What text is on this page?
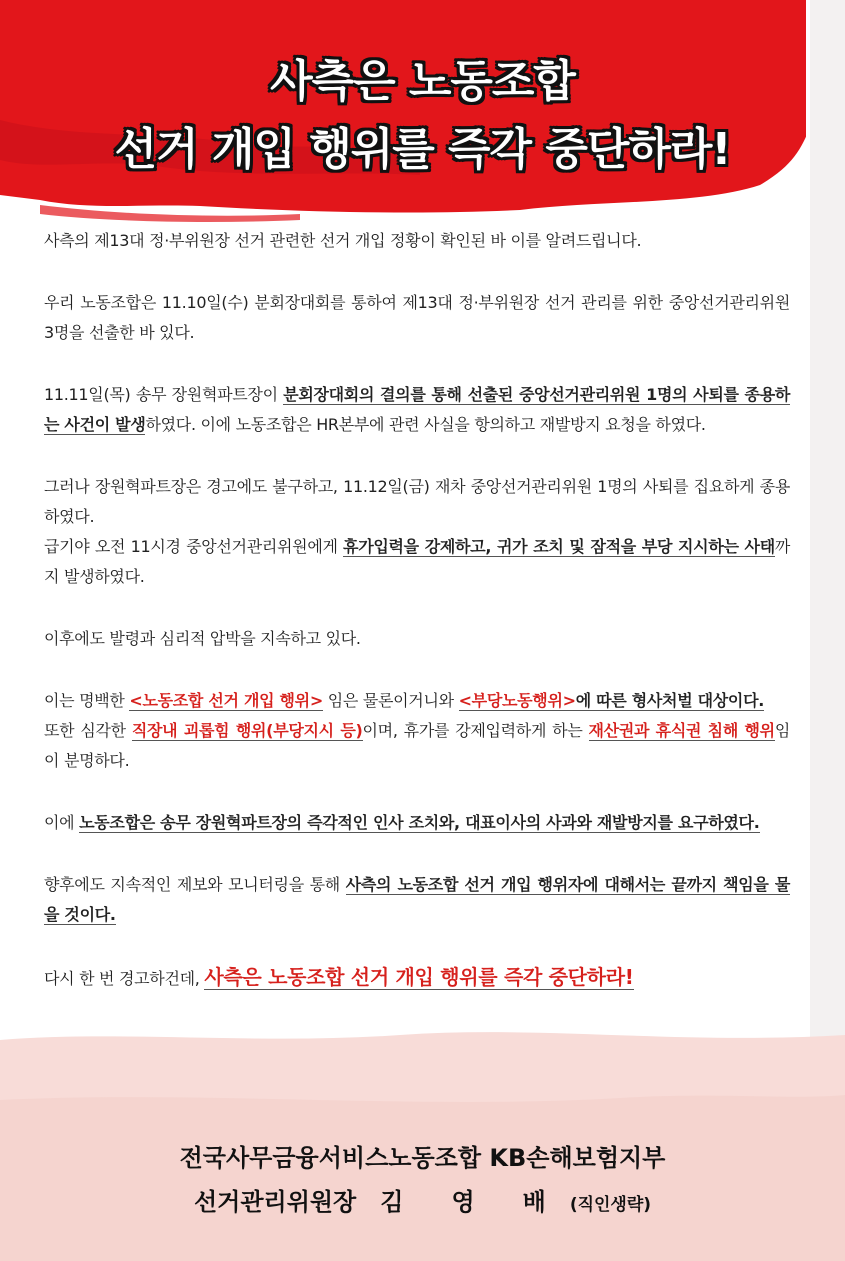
사측은 노동조합
선거 개입 행위를 즉각 중단하라!

사측의 제13대 정·부위원장 선거 관련한 선거 개입 정황이 확인된 바 이를 알려드립니다.

우리 노동조합은 11.10일(수) 분회장대회를 통하여 제13대 정·부위원장 선거 관리를 위한 중앙선거관리위원 3명을 선출한 바 있다.

11.11일(목) 송무 장원혁파트장이 분회장대회의 결의를 통해 선출된 중앙선거관리위원 1명의 사퇴를 종용하는 사건이 발생하였다. 이에 노동조합은 HR본부에 관련 사실을 항의하고 재발방지 요청을 하였다.

그러나 장원혁파트장은 경고에도 불구하고, 11.12일(금) 재차 중앙선거관리위원 1명의 사퇴를 집요하게 종용하였다.

급기야 오전 11시경 중앙선거관리위원에게 휴가입력을 강제하고, 귀가 조치 및 잠적을 부당 지시하는 사태까지 발생하였다.

이후에도 발령과 심리적 압박을 지속하고 있다.

이는 명백한 <노동조합 선거 개입 행위> 임은 물론이거니와 <부당노동행위>에 따른 형사처벌 대상이다.

또한 심각한 직장내 괴롭힘 행위(부당지시 등)이며, 휴가를 강제입력하게 하는 재산권과 휴식권 침해 행위임이 분명하다.

이에 노동조합은 송무 장원혁파트장의 즉각적인 인사 조치와, 대표이사의 사과와 재발방지를 요구하였다.

향후에도 지속적인 제보와 모니터링을 통해 사측의 노동조합 선거 개입 행위자에 대해서는 끝까지 책임을 물을 것이다.

다시 한 번 경고하건데, 사측은 노동조합 선거 개입 행위를 즉각 중단하라!

전국사무금융서비스노동조합 KB손해보험지부
선거관리위원장 김 영 배 (직인생략)
